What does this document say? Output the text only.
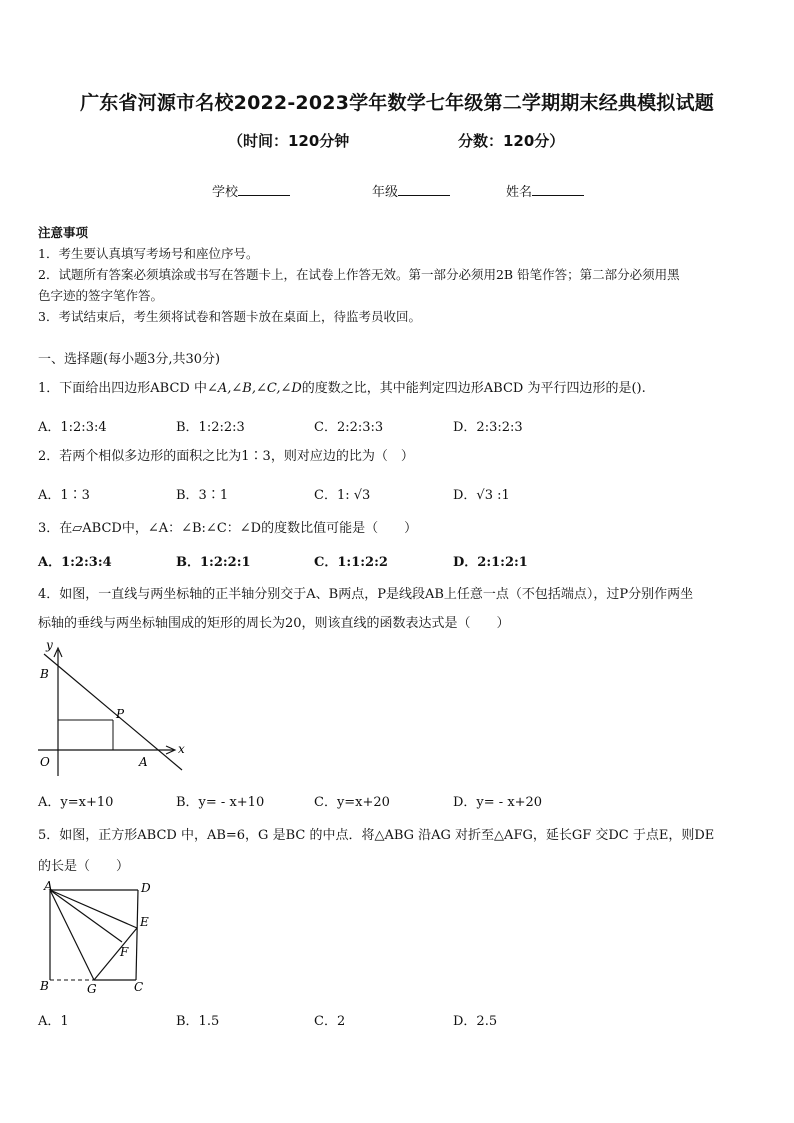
广东省河源市名校2022-2023学年数学七年级第二学期期末经典模拟试题
（时间：120分钟	分数：120分）
学校	年级	姓名
注意事项
1．考生要认真填写考场号和座位序号。
2．试题所有答案必须填涂或书写在答题卡上，在试卷上作答无效。第一部分必须用2B 铅笔作答；第二部分必须用黑
色字迹的签字笔作答。
3．考试结束后，考生须将试卷和答题卡放在桌面上，待监考员收回。
一、选择题(每小题3分,共30分)
1．下面给出四边形ABCD 中∠A,∠B,∠C,∠D的度数之比，其中能判定四边形ABCD 为平行四边形的是().
A．1:2:3:4	B．1:2:2:3	C．2:2:3:3	D．2:3:2:3
2．若两个相似多边形的面积之比为1∶3，则对应边的比为（　）
A．1∶3	B．3∶1	C．1: √3	D．√3 :1
3．在▱ABCD中，∠A：∠B:∠C：∠D的度数比值可能是（　　）
A．1:2:3:4	B．1:2:2:1	C．1:1:2:2	D．2:1:2:1
4．如图，一直线与两坐标轴的正半轴分别交于A、B两点，P是线段AB上任意一点（不包括端点），过P分别作两坐
标轴的垂线与两坐标轴围成的矩形的周长为20，则该直线的函数表达式是（　　）
y
x
B
P
O	A
A．y=x+10	B．y= - x+10	C．y=x+20	D．y= - x+20
5．如图，正方形ABCD 中，AB=6，G 是BC 的中点．将△ABG 沿AG 对折至△AFG，延长GF 交DC 于点E，则DE
的长是（　　）
A	D
E
F
B	G	C
A．1	B．1.5	C．2	D．2.5
